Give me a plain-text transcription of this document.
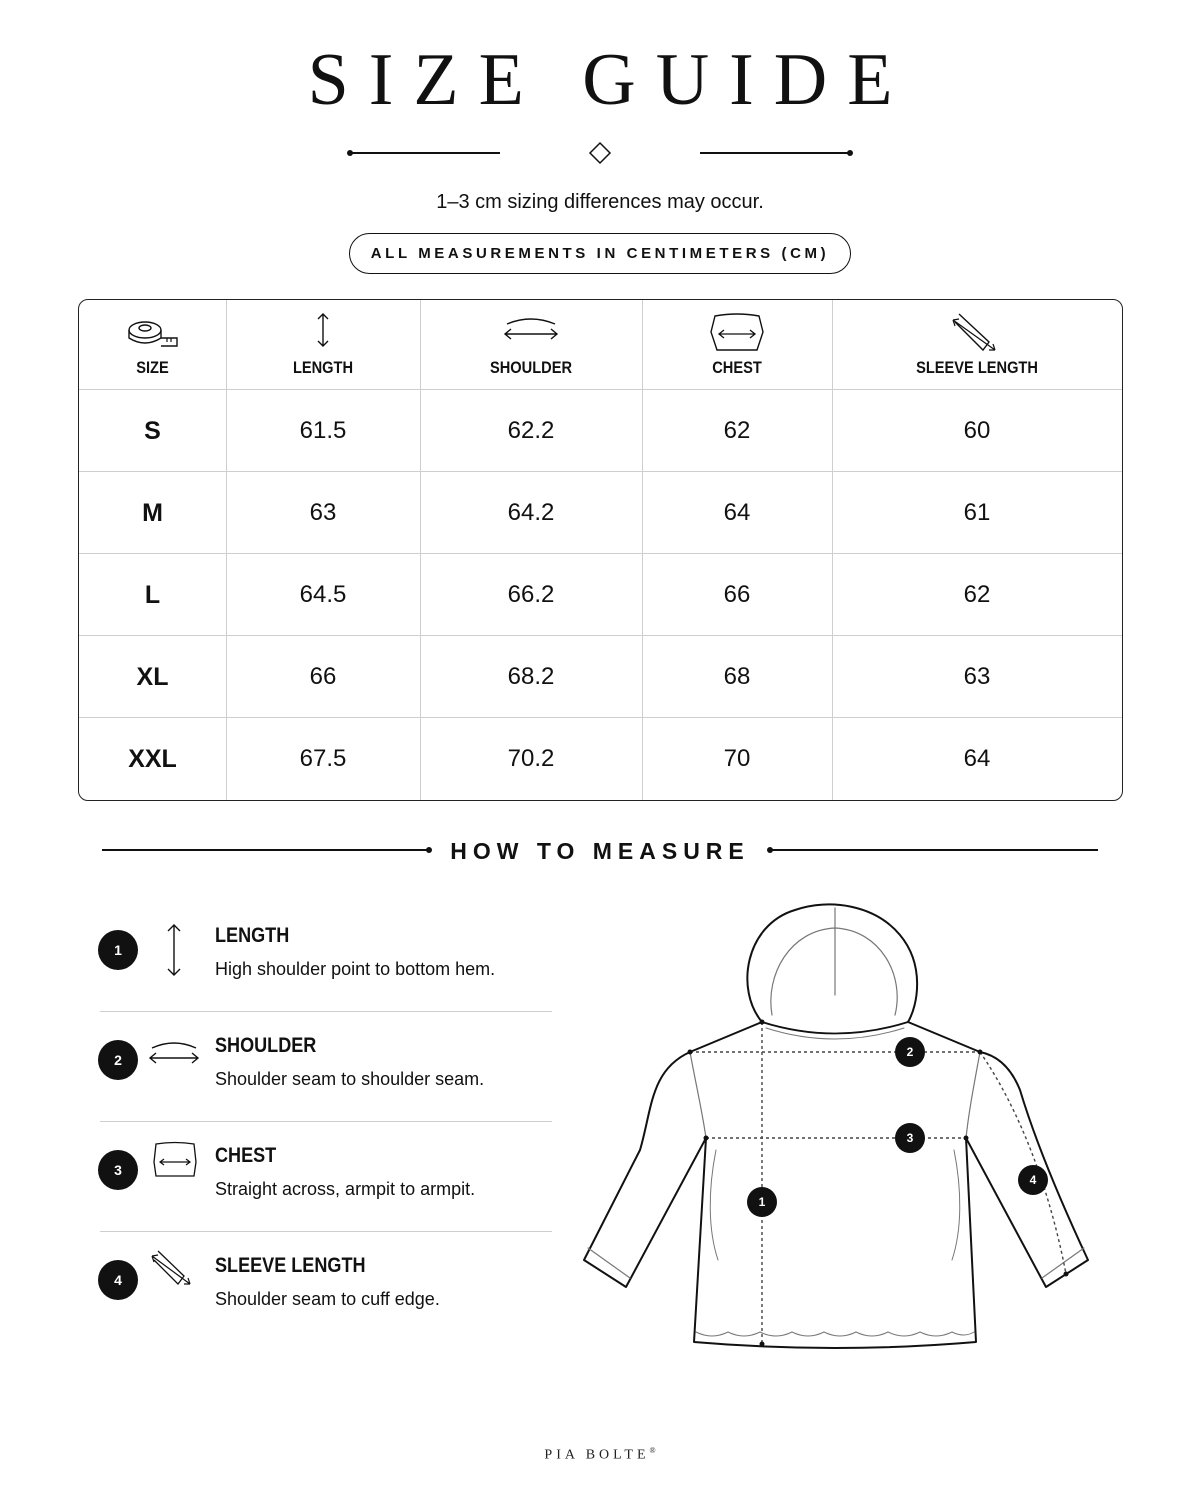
SIZE GUIDE
1–3 cm sizing differences may occur.
ALL MEASUREMENTS IN CENTIMETERS (CM)
SIZE	LENGTH	SHOULDER	CHEST	SLEEVE LENGTH
S	61.5	62.2	62	60
M	63	64.2	64	61
L	64.5	66.2	66	62
XL	66	68.2	68	63
XXL	67.5	70.2	70	64
HOW TO MEASURE
1
LENGTH
High shoulder point to bottom hem.
2
SHOULDER
Shoulder seam to shoulder seam.
3
CHEST
Straight across, armpit to armpit.
4
SLEEVE LENGTH
Shoulder seam to cuff edge.
1
2
3
4
PIA BOLTE®
